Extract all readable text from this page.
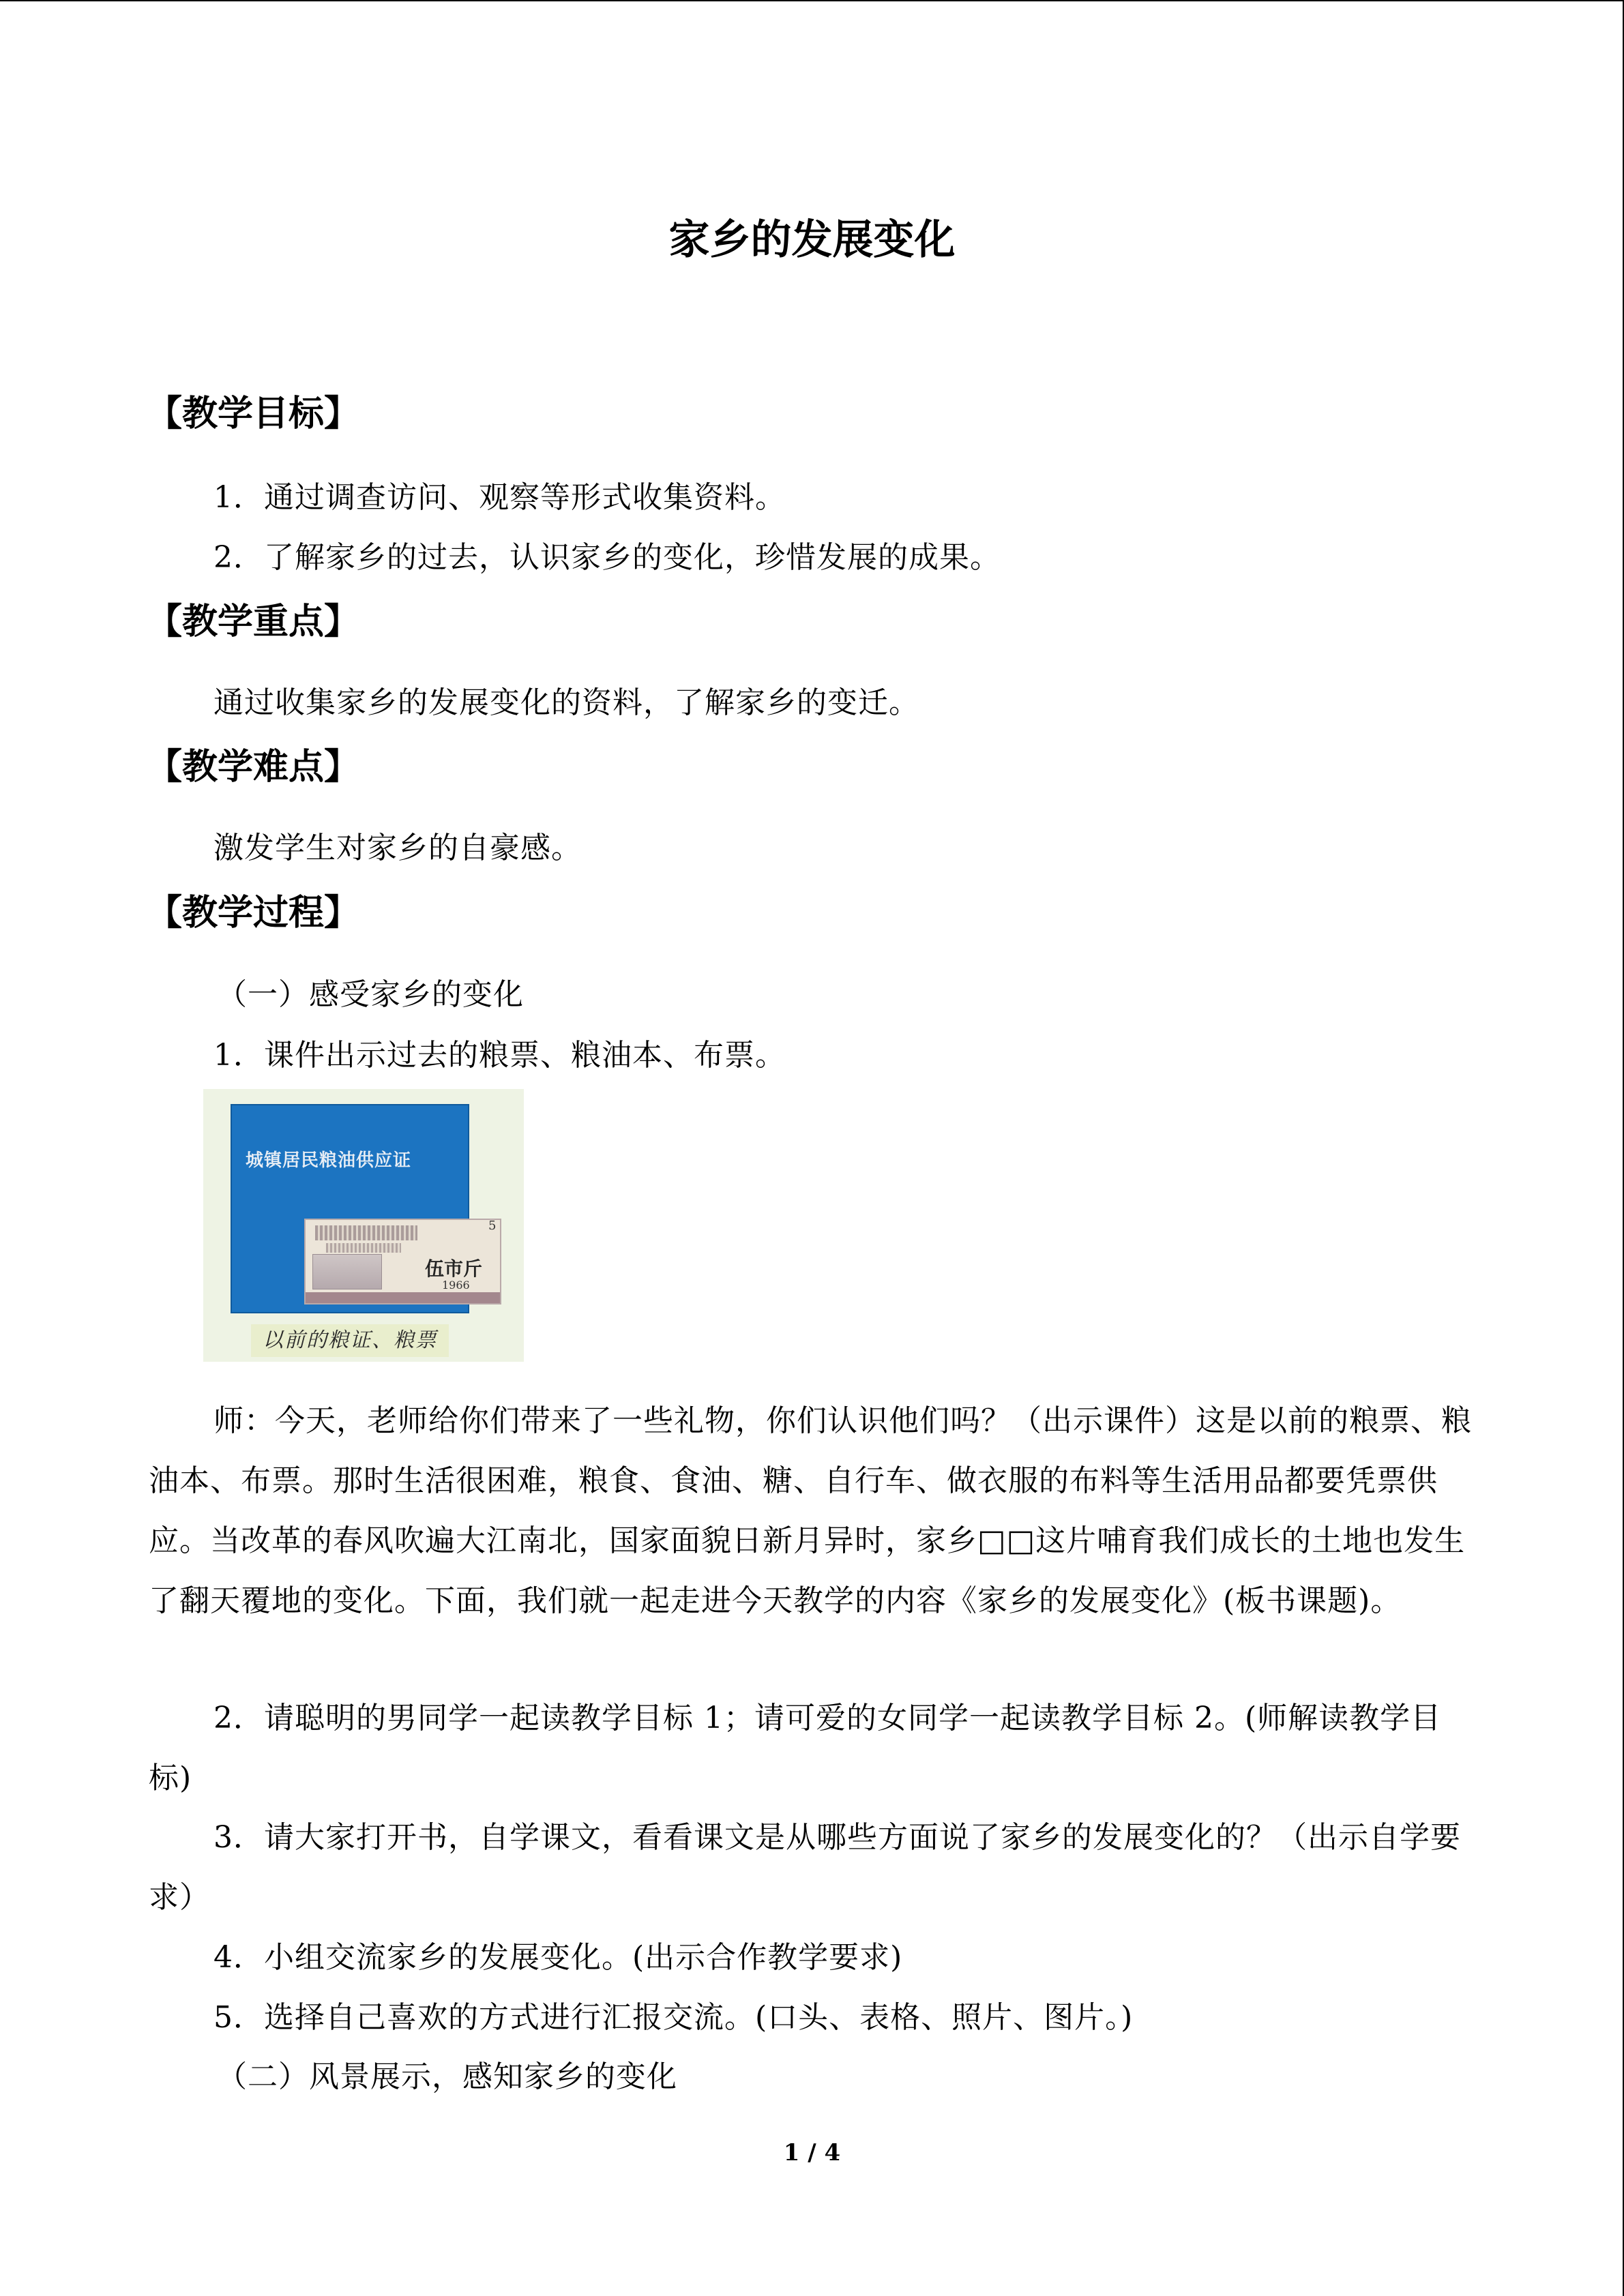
家乡的发展变化
【教学目标】
1．通过调查访问、观察等形式收集资料。
2．了解家乡的过去，认识家乡的变化，珍惜发展的成果。
【教学重点】
通过收集家乡的发展变化的资料，了解家乡的变迁。
【教学难点】
激发学生对家乡的自豪感。
【教学过程】
（一）感受家乡的变化
1．课件出示过去的粮票、粮油本、布票。
城镇居民粮油供应证
伍市斤
1966
5
以前的粮证、粮票
师：今天，老师给你们带来了一些礼物，你们认识他们吗？（出示课件）这是以前的粮票、粮油本、布票。那时生活很困难，粮食、食油、糖、自行车、做衣服的布料等生活用品都要凭票供应。当改革的春风吹遍大江南北，国家面貌日新月异时，家乡□□这片哺育我们成长的土地也发生了翻天覆地的变化。下面，我们就一起走进今天教学的内容《家乡的发展变化》(板书课题)。
2．请聪明的男同学一起读教学目标 1；请可爱的女同学一起读教学目标 2。(师解读教学目标)
3．请大家打开书，自学课文，看看课文是从哪些方面说了家乡的发展变化的？（出示自学要求）
4．小组交流家乡的发展变化。(出示合作教学要求)
5．选择自己喜欢的方式进行汇报交流。(口头、表格、照片、图片。)
（二）风景展示，感知家乡的变化
1 / 4
